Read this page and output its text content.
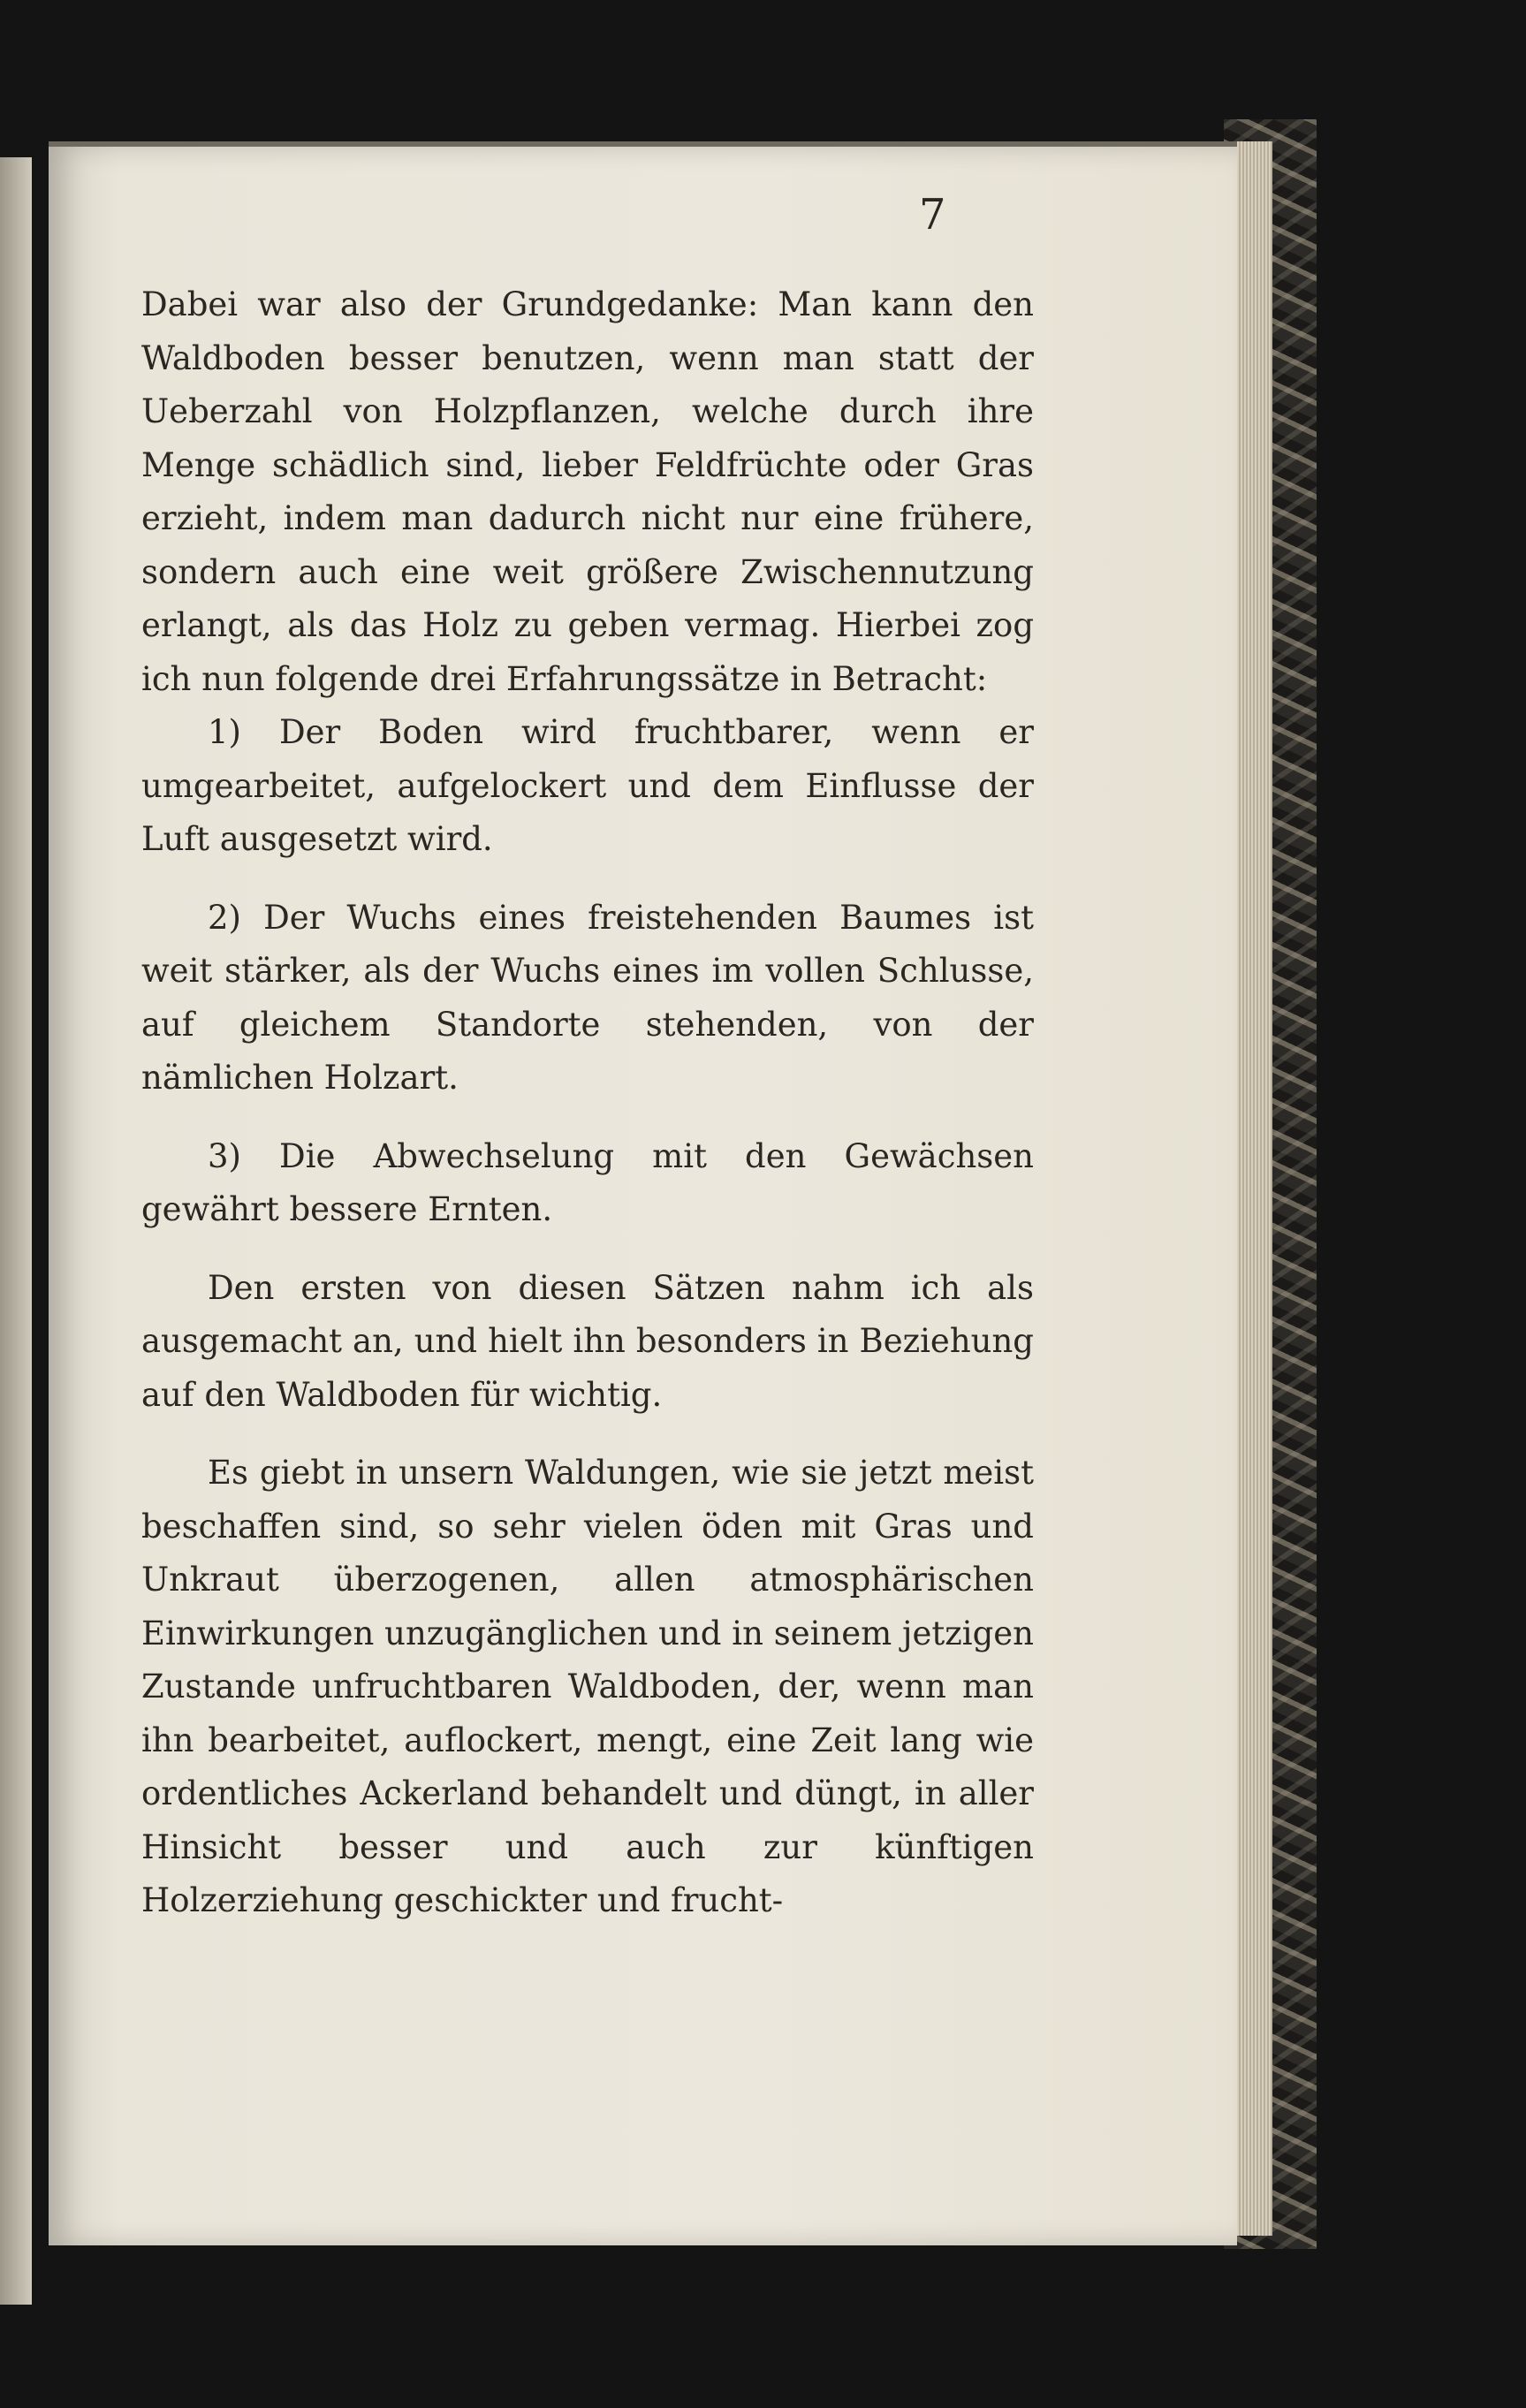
7

Dabei war also der Grundgedanke: Man kann den Waldboden besser benutzen, wenn man statt der Ueberzahl von Holzpflanzen, welche durch ihre Menge schädlich sind, lieber Feldfrüchte oder Gras erzieht, indem man dadurch nicht nur eine frühere, sondern auch eine weit größere Zwischennutzung erlangt, als das Holz zu geben vermag. Hierbei zog ich nun folgende drei Erfahrungssätze in Betracht:

1) Der Boden wird fruchtbarer, wenn er umgearbeitet, aufgelockert und dem Einflusse der Luft ausgesetzt wird.

2) Der Wuchs eines freistehenden Baumes ist weit stärker, als der Wuchs eines im vollen Schlusse, auf gleichem Standorte stehenden, von der nämlichen Holzart.

3) Die Abwechselung mit den Gewächsen gewährt bessere Ernten.

Den ersten von diesen Sätzen nahm ich als ausgemacht an, und hielt ihn besonders in Beziehung auf den Waldboden für wichtig.

Es giebt in unsern Waldungen, wie sie jetzt meist beschaffen sind, so sehr vielen öden mit Gras und Unkraut überzogenen, allen atmosphärischen Einwirkungen unzugänglichen und in seinem jetzigen Zustande unfruchtbaren Waldboden, der, wenn man ihn bearbeitet, auflockert, mengt, eine Zeit lang wie ordentliches Ackerland behandelt und düngt, in aller Hinsicht besser und auch zur künftigen Holzerziehung geschickter und frucht-
